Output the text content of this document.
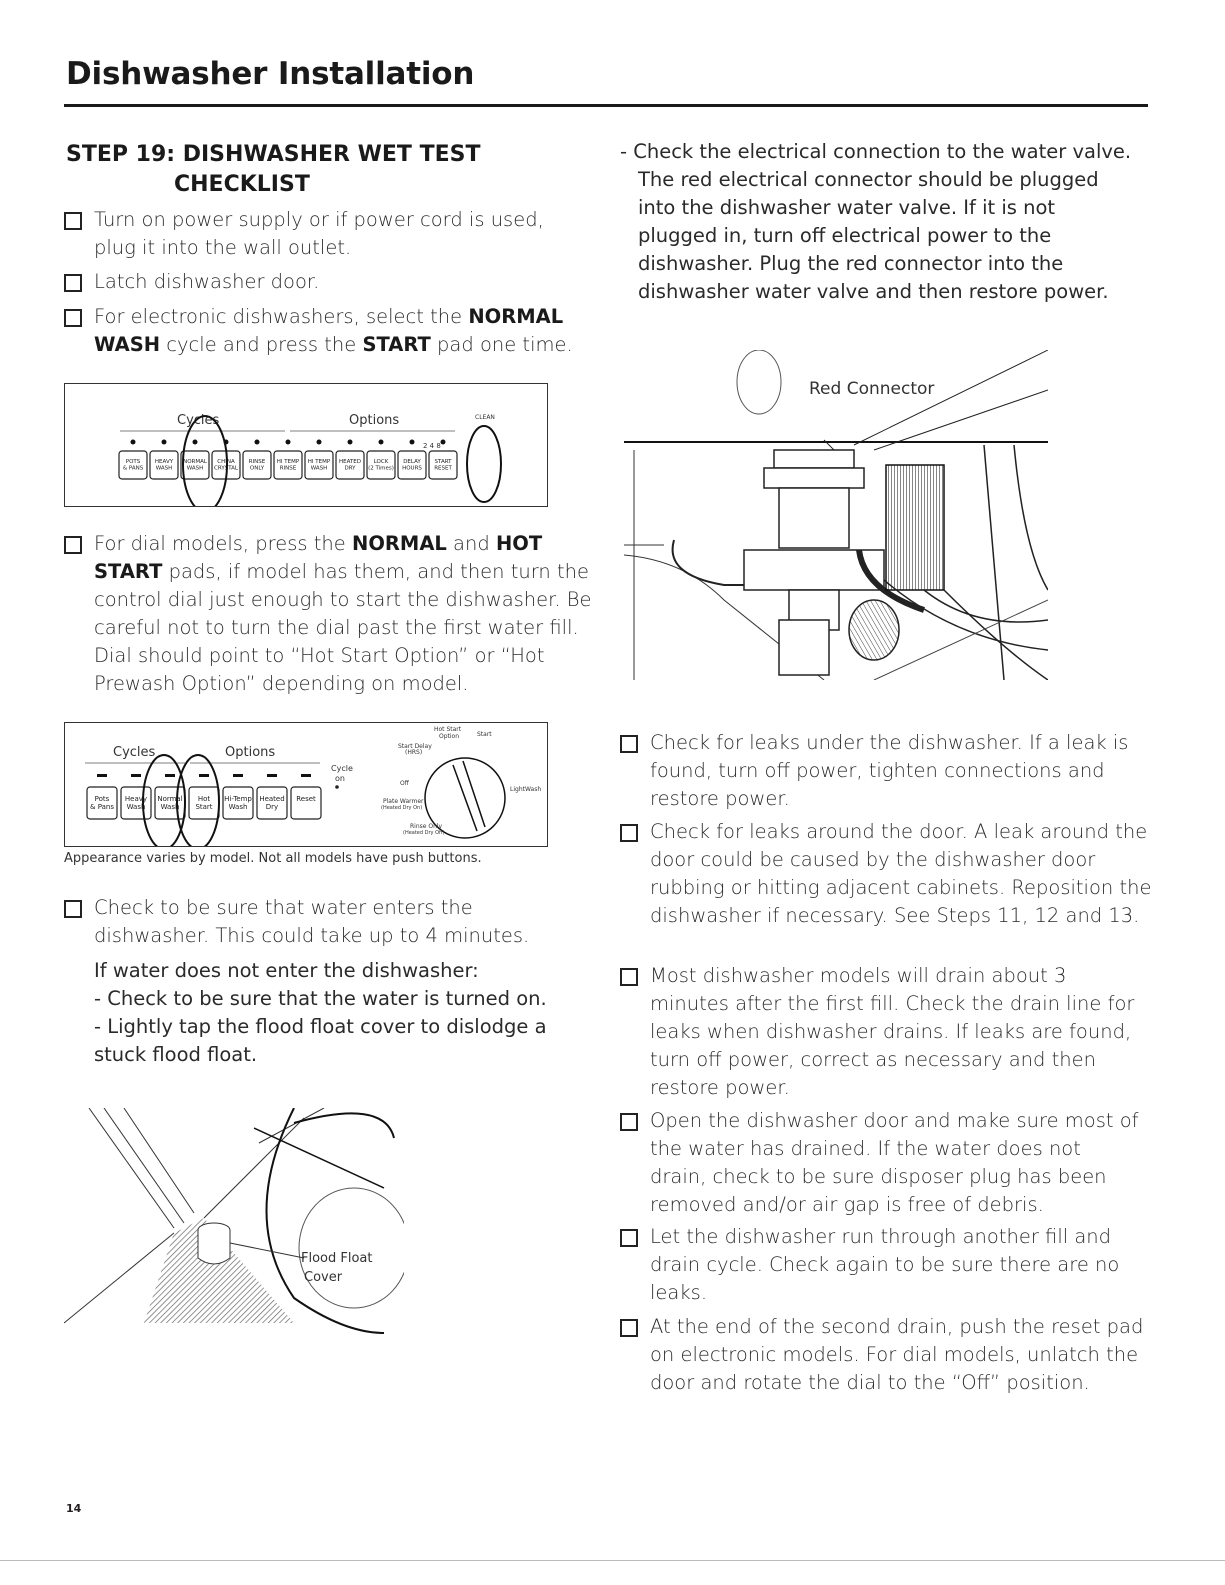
Dishwasher Installation
STEP 19: DISHWASHER WET TEST
CHECKLIST
Turn on power supply or if power cord is used, plug it into the wall outlet.
Latch dishwasher door.
For electronic dishwashers, select the NORMAL WASH cycle and press the START pad one time.
Cycles	Options	CLEAN
2 4 8
POTS
& PANS
HEAVY
WASH
NORMAL
WASH
CHINA
CRYSTAL
RINSE
ONLY
HI TEMP
RINSE
HI TEMP
WASH
HEATED
DRY
LOCK
(2 Times)
DELAY
HOURS
START
RESET
For dial models, press the NORMAL and HOT START pads, if model has them, and then turn the control dial just enough to start the dishwasher. Be careful not to turn the dial past the first water fill. Dial should point to “Hot Start Option” or “Hot Prewash Option” depending on model.
Cycles	Options
Cycle
on
Pots
& Pans
Heavy
Wash
Normal
Wash
Hot
Start
Hi-Temp
Wash
Heated
Dry
Reset
Hot Start
Option	Start
Start Delay
(HRS)
Off
Plate Warmer
(Heated Dry On)
Rinse Only
(Heated Dry Off)
LightWash
Appearance varies by model. Not all models have push buttons.
Check to be sure that water enters the dishwasher. This could take up to 4 minutes.
If water does not enter the dishwasher:
- Check to be sure that the water is turned on.
- Lightly tap the flood float cover to dislodge a stuck flood float.
Flood Float
Cover
- Check the electrical connection to the water valve. The red electrical connector should be plugged into the dishwasher water valve. If it is not plugged in, turn off electrical power to the dishwasher. Plug the red connector into the dishwasher water valve and then restore power.
Red Connector
Check for leaks under the dishwasher. If a leak is found, turn off power, tighten connections and restore power.
Check for leaks around the door. A leak around the door could be caused by the dishwasher door rubbing or hitting adjacent cabinets. Reposition the dishwasher if necessary. See Steps 11, 12 and 13.
Most dishwasher models will drain about 3 minutes after the first fill. Check the drain line for leaks when dishwasher drains. If leaks are found, turn off power, correct as necessary and then restore power.
Open the dishwasher door and make sure most of the water has drained. If the water does not drain, check to be sure disposer plug has been removed and/or air gap is free of debris.
Let the dishwasher run through another fill and drain cycle. Check again to be sure there are no leaks.
At the end of the second drain, push the reset pad on electronic models. For dial models, unlatch the door and rotate the dial to the “Off” position.
14
